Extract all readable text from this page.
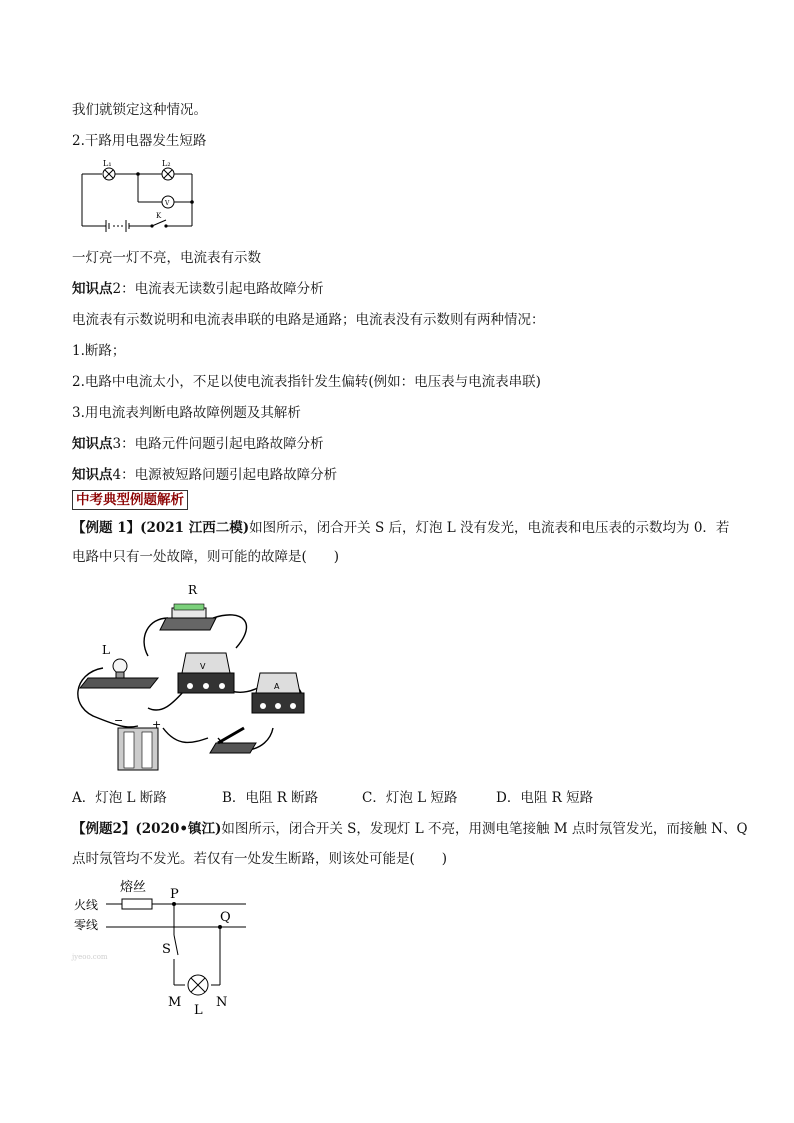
我们就锁定这种情况。
2.干路用电器发生短路
L₁	L₂
V
K
一灯亮一灯不亮，电流表有示数
知识点2：电流表无读数引起电路故障分析
电流表有示数说明和电流表串联的电路是通路；电流表没有示数则有两种情况：
1.断路；
2.电路中电流太小，不足以使电流表指针发生偏转(例如：电压表与电流表串联)
3.用电流表判断电路故障例题及其解析
知识点3：电路元件问题引起电路故障分析
知识点4：电源被短路问题引起电路故障分析
中考典型例题解析
【例题 1】(2021 江西二模)如图所示，闭合开关 S 后，灯泡 L 没有发光，电流表和电压表的示数均为 0．若
电路中只有一处故障，则可能的故障是(　　)
R
L
V
A
−	+
A．灯泡 L 断路	B．电阻 R 断路	C．灯泡 L 短路	D．电阻 R 短路
【例题2】(2020•镇江)如图所示，闭合开关 S，发现灯 L 不亮，用测电笔接触 M 点时氖管发光，而接触 N、Q
点时氖管均不发光。若仅有一处发生断路，则该处可能是(　　)
熔丝
火线
零线
P
Q
S
M	N
L
jyeoo.com
